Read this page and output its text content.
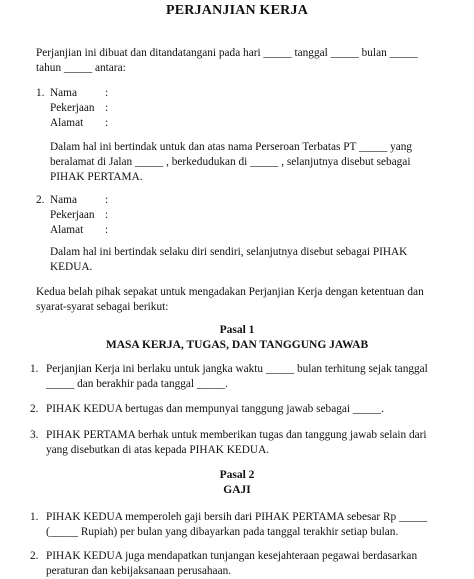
PERJANJIAN KERJA
Perjanjian ini dibuat dan ditandatangani pada hari _____ tanggal _____ bulan _____
tahun _____ antara:
1. Nama	:
Pekerjaan :
Alamat	:
Dalam hal ini bertindak untuk dan atas nama Perseroan Terbatas PT _____ yang
beralamat di Jalan _____ , berkedudukan di _____ , selanjutnya disebut sebagai
PIHAK PERTAMA.
2. Nama	:
Pekerjaan :
Alamat	:
Dalam hal ini bertindak selaku diri sendiri, selanjutnya disebut sebagai PIHAK
KEDUA.
Kedua belah pihak sepakat untuk mengadakan Perjanjian Kerja dengan ketentuan dan
syarat-syarat sebagai berikut:
Pasal 1
MASA KERJA, TUGAS, DAN TANGGUNG JAWAB
1. Perjanjian Kerja ini berlaku untuk jangka waktu _____ bulan terhitung sejak tanggal
_____ dan berakhir pada tanggal _____.
2. PIHAK KEDUA bertugas dan mempunyai tanggung jawab sebagai _____.
3. PIHAK PERTAMA berhak untuk memberikan tugas dan tanggung jawab selain dari
yang disebutkan di atas kepada PIHAK KEDUA.
Pasal 2
GAJI
1. PIHAK KEDUA memperoleh gaji bersih dari PIHAK PERTAMA sebesar Rp _____
(_____ Rupiah) per bulan yang dibayarkan pada tanggal terakhir setiap bulan.
2. PIHAK KEDUA juga mendapatkan tunjangan kesejahteraan pegawai berdasarkan
peraturan dan kebijaksanaan perusahaan.
